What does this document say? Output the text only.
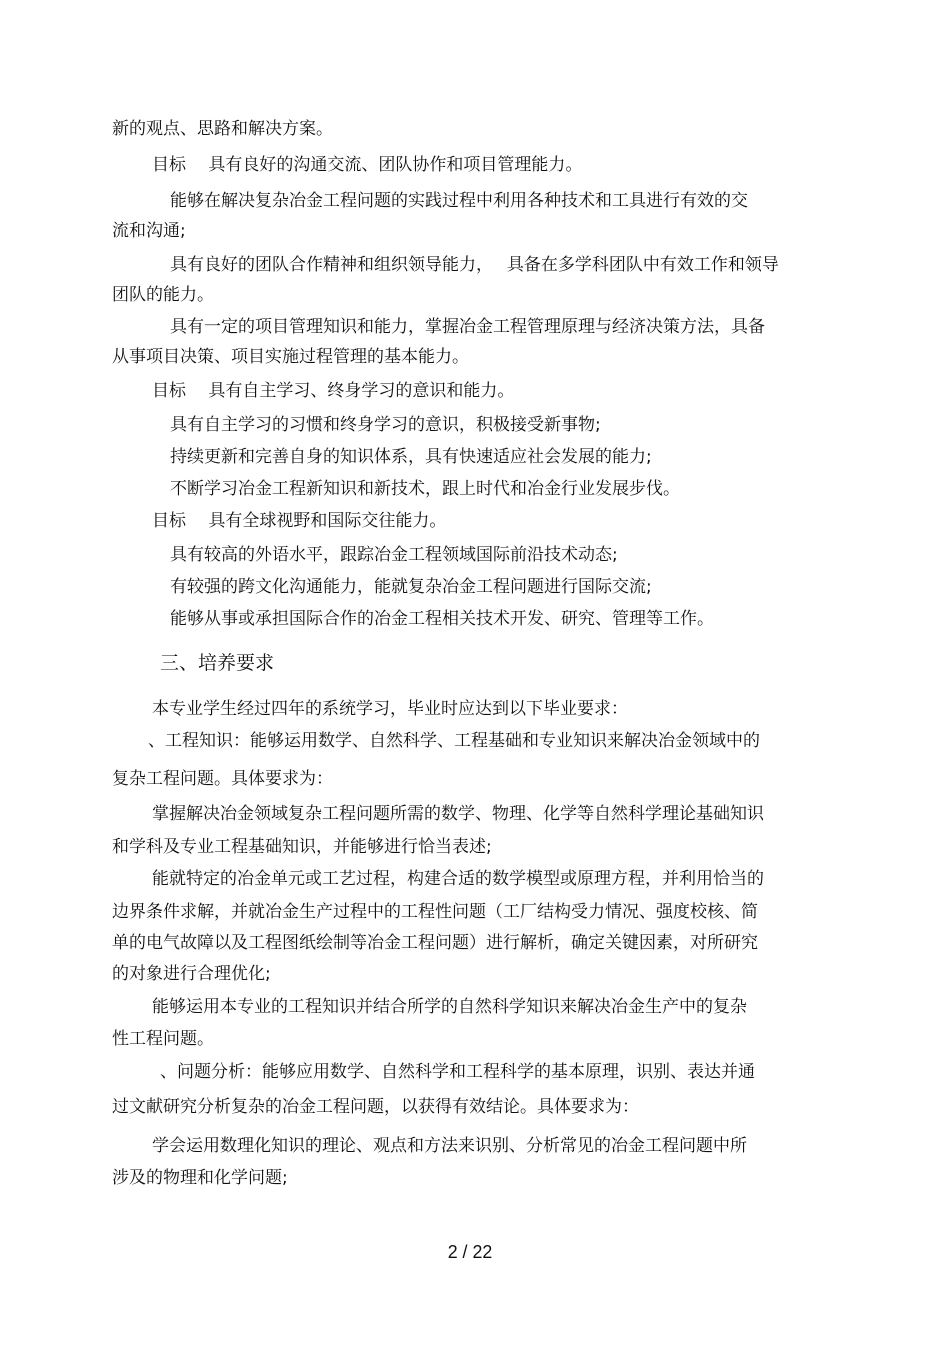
新的观点、思路和解决方案。
目标　 具有良好的沟通交流、团队协作和项目管理能力。
能够在解决复杂冶金工程问题的实践过程中利用各种技术和工具进行有效的交
流和沟通;
具有良好的团队合作精神和组织领导能力，　 具备在多学科团队中有效工作和领导
团队的能力。
具有一定的项目管理知识和能力，掌握冶金工程管理原理与经济决策方法，具备
从事项目决策、项目实施过程管理的基本能力。
目标　 具有自主学习、终身学习的意识和能力。
具有自主学习的习惯和终身学习的意识，积极接受新事物;
持续更新和完善自身的知识体系，具有快速适应社会发展的能力;
不断学习冶金工程新知识和新技术，跟上时代和冶金行业发展步伐。
目标　 具有全球视野和国际交往能力。
具有较高的外语水平，跟踪冶金工程领域国际前沿技术动态;
有较强的跨文化沟通能力，能就复杂冶金工程问题进行国际交流;
能够从事或承担国际合作的冶金工程相关技术开发、研究、管理等工作。
三、培养要求
本专业学生经过四年的系统学习，毕业时应达到以下毕业要求：
、工程知识：能够运用数学、自然科学、工程基础和专业知识来解决冶金领域中的
复杂工程问题。具体要求为：
掌握解决冶金领域复杂工程问题所需的数学、物理、化学等自然科学理论基础知识
和学科及专业工程基础知识，并能够进行恰当表述;
能就特定的冶金单元或工艺过程，构建合适的数学模型或原理方程，并利用恰当的
边界条件求解，并就冶金生产过程中的工程性问题（工厂结构受力情况、强度校核、简
单的电气故障以及工程图纸绘制等冶金工程问题）进行解析，确定关键因素，对所研究
的对象进行合理优化;
能够运用本专业的工程知识并结合所学的自然科学知识来解决冶金生产中的复杂
性工程问题。
、问题分析：能够应用数学、自然科学和工程科学的基本原理，识别、表达并通
过文献研究分析复杂的冶金工程问题，以获得有效结论。具体要求为：
学会运用数理化知识的理论、观点和方法来识别、分析常见的冶金工程问题中所
涉及的物理和化学问题;
2 / 22
